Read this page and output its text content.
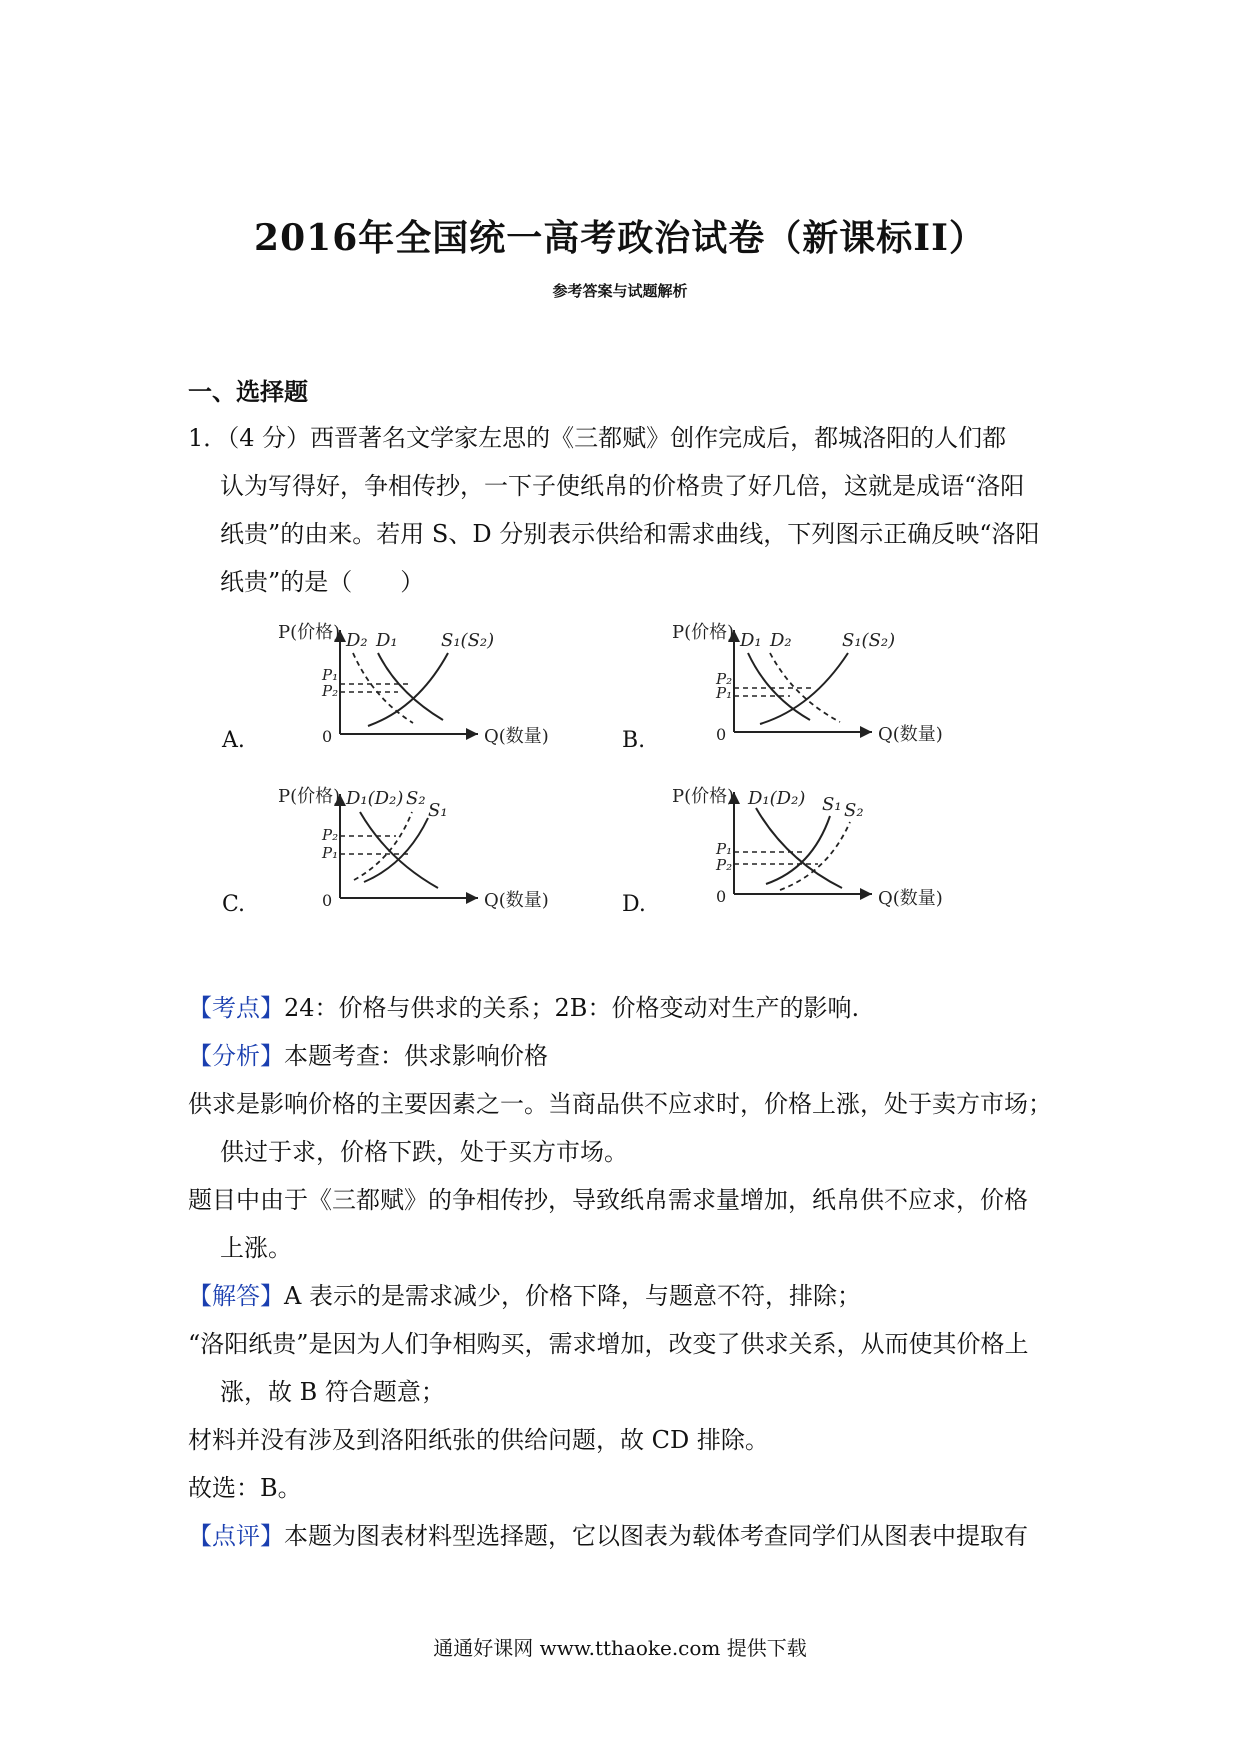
2016年全国统一高考政治试卷（新课标II）
参考答案与试题解析
一、选择题
1．（4 分）西晋著名文学家左思的《三都赋》创作完成后，都城洛阳的人们都
认为写得好，争相传抄，一下子使纸帛的价格贵了好几倍，这就是成语“洛阳
纸贵”的由来。若用 S、D 分别表示供给和需求曲线，下列图示正确反映“洛阳
纸贵”的是（　　）
A.	B.
C.	D.
P(价格)
Q(数量)
0
D₂ D₁ S₁(S₂)
P₁
P₂
P(价格)
Q(数量)
0
D₁ D₂	S₁(S₂)
P₂
P₁
P(价格)
Q(数量)
0
D₁(D₂) S₂
S₁
P₂
P₁
P(价格)
Q(数量)
0
D₁(D₂) S₁ S₂
P₁
P₂
【考点】24：价格与供求的关系；2B：价格变动对生产的影响.
【分析】本题考查：供求影响价格
供求是影响价格的主要因素之一。当商品供不应求时，价格上涨，处于卖方市场；
供过于求，价格下跌，处于买方市场。
题目中由于《三都赋》的争相传抄，导致纸帛需求量增加，纸帛供不应求，价格
上涨。
【解答】A 表示的是需求减少，价格下降，与题意不符，排除；
“洛阳纸贵”是因为人们争相购买，需求增加，改变了供求关系，从而使其价格上
涨，故 B 符合题意；
材料并没有涉及到洛阳纸张的供给问题，故 CD 排除。
故选：B。
【点评】本题为图表材料型选择题，它以图表为载体考查同学们从图表中提取有
通通好课网 www.tthaoke.com 提供下载
